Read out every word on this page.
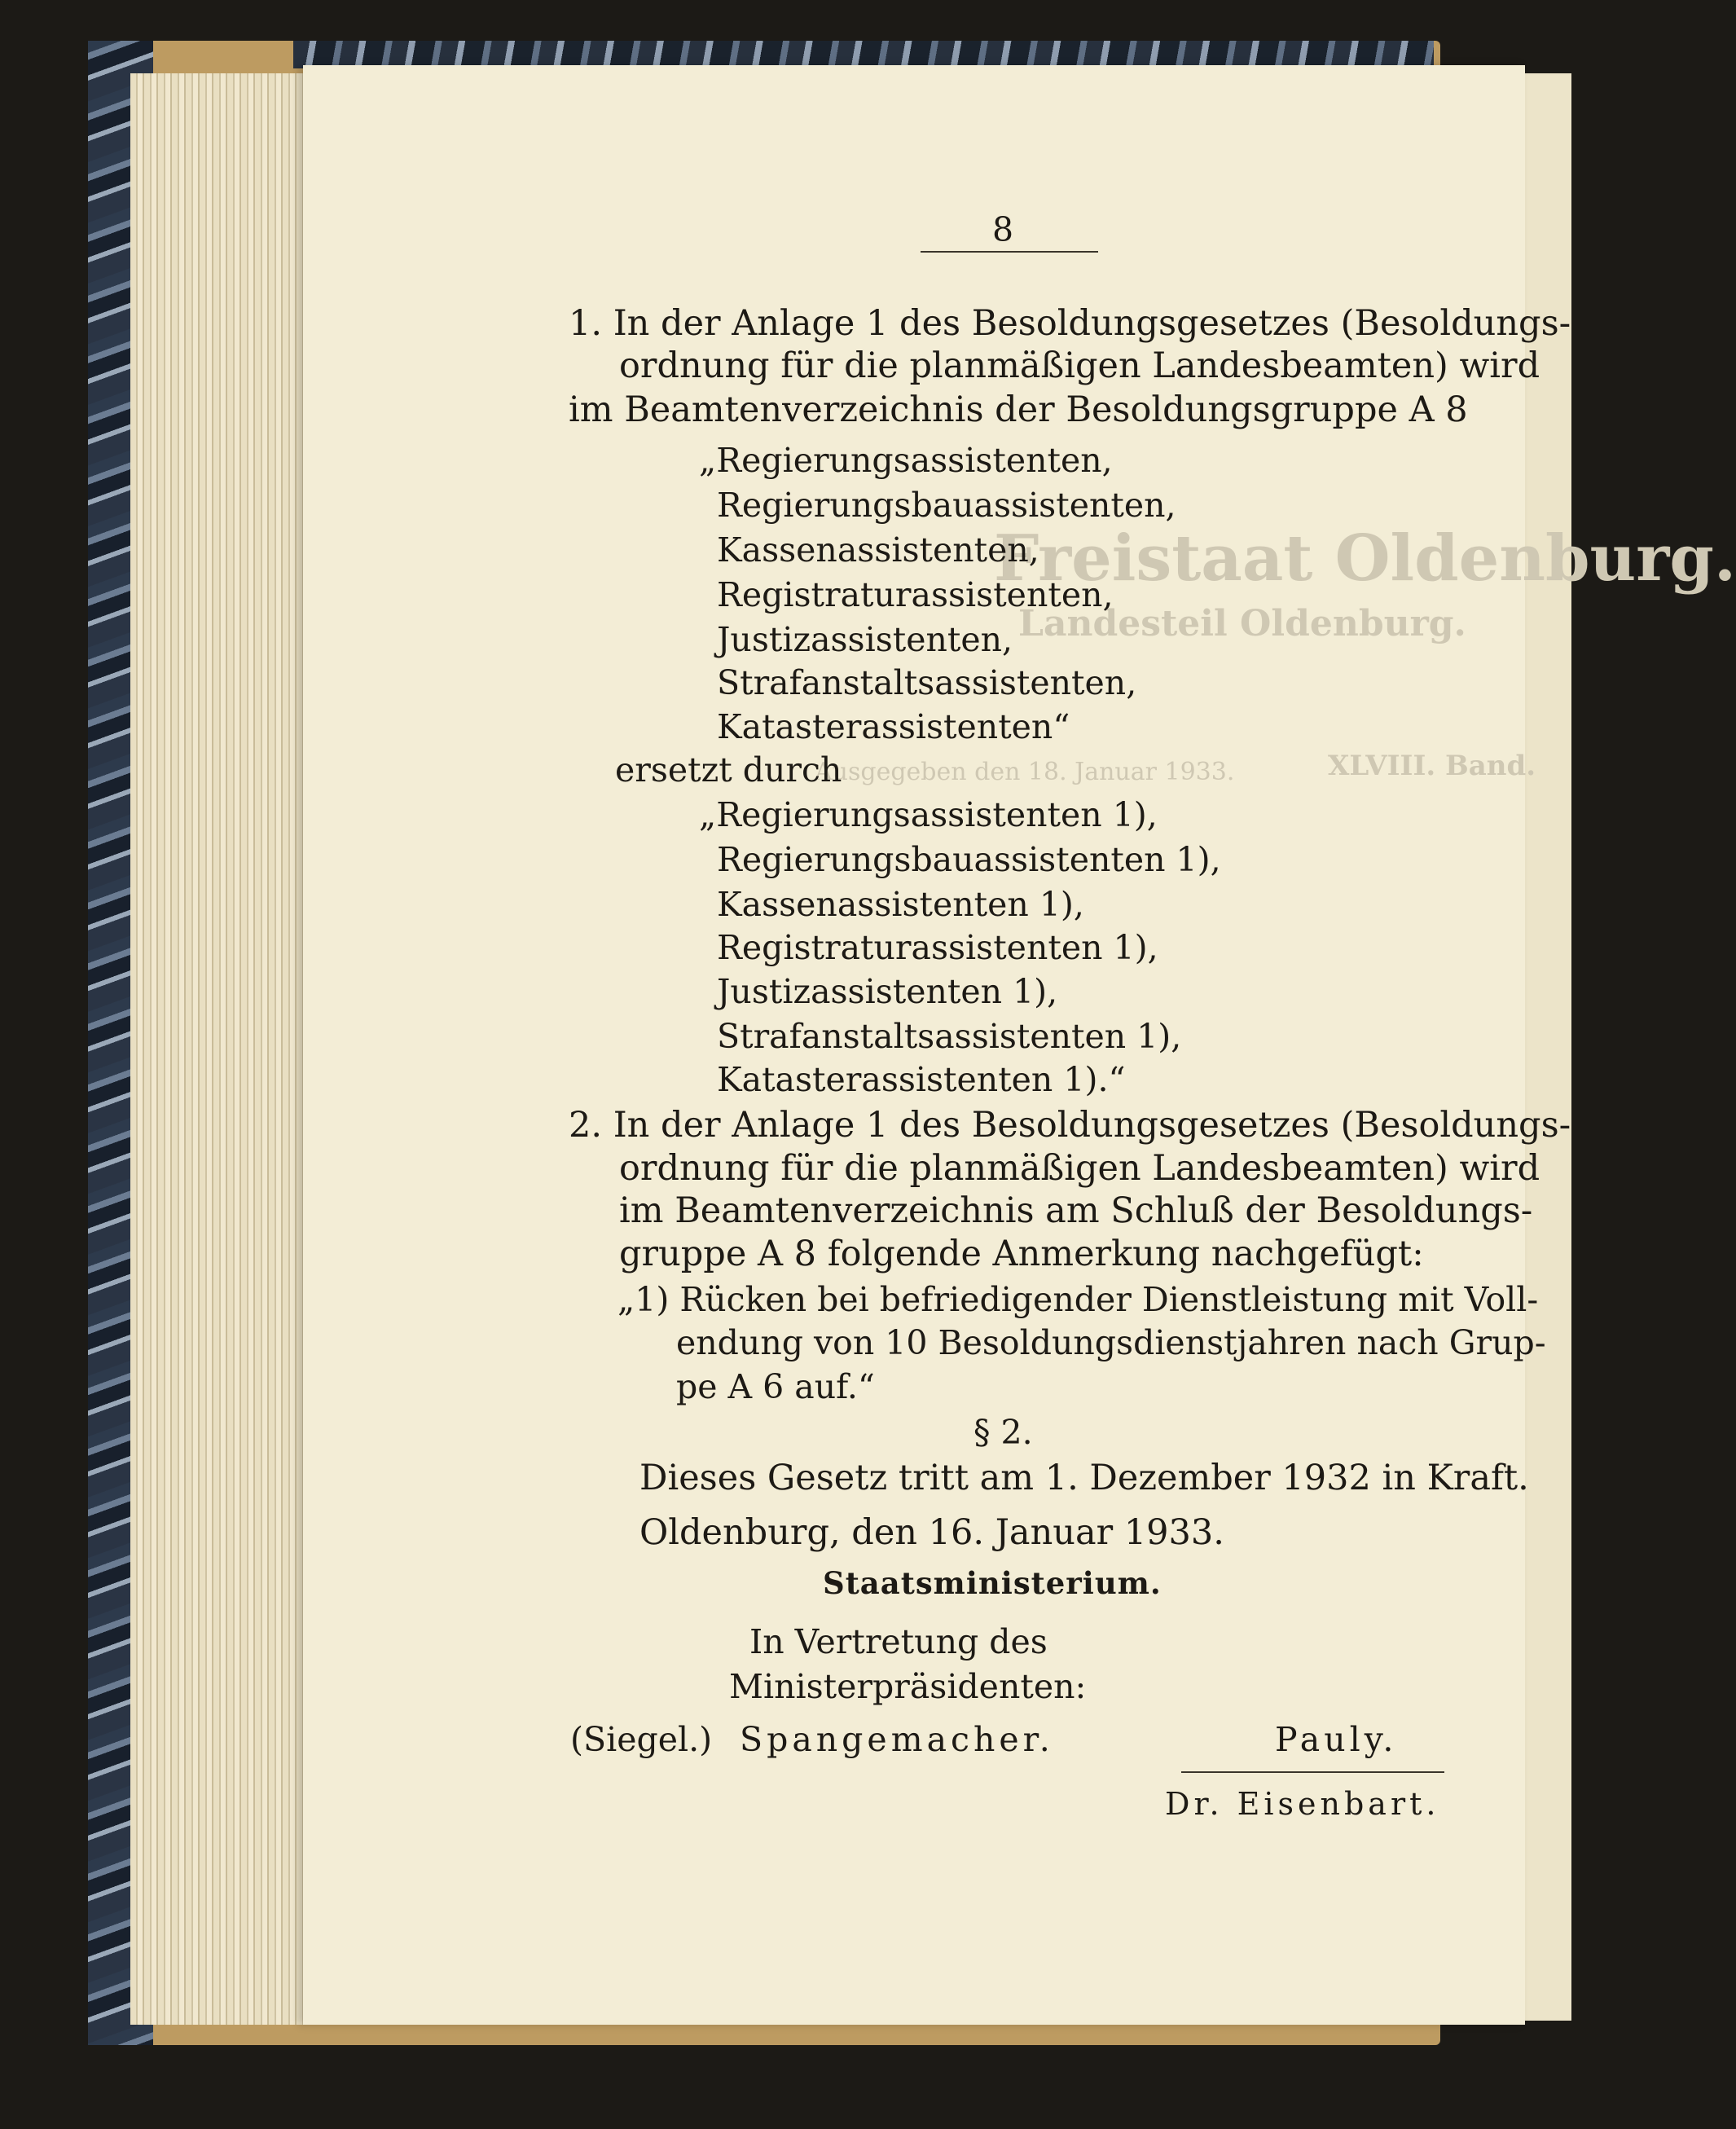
Freistaat Oldenburg.
Landesteil Oldenburg.
XLVIII. Band.
Ausgegeben den 18. Januar 1933.
8
1. In der Anlage 1 des Besoldungsgesetzes (Besoldungs-
ordnung für die planmäßigen Landesbeamten) wird
im Beamtenverzeichnis der Besoldungsgruppe A 8
„Regierungsassistenten,
Regierungsbauassistenten,
Kassenassistenten,
Registraturassistenten,
Justizassistenten,
Strafanstaltsassistenten,
Katasterassistenten“
ersetzt durch
„Regierungsassistenten 1),
Regierungsbauassistenten 1),
Kassenassistenten 1),
Registraturassistenten 1),
Justizassistenten 1),
Strafanstaltsassistenten 1),
Katasterassistenten 1).“
2. In der Anlage 1 des Besoldungsgesetzes (Besoldungs-
ordnung für die planmäßigen Landesbeamten) wird
im Beamtenverzeichnis am Schluß der Besoldungs-
gruppe A 8 folgende Anmerkung nachgefügt:
„1) Rücken bei befriedigender Dienstleistung mit Voll-
endung von 10 Besoldungsdienstjahren nach Grup-
pe A 6 auf.“
§ 2.
Dieses Gesetz tritt am 1. Dezember 1932 in Kraft.
Oldenburg, den 16. Januar 1933.
Staatsministerium.
In Vertretung des
Ministerpräsidenten:
(Siegel.) Spangemacher.	Pauly.
Dr. Eisenbart.
